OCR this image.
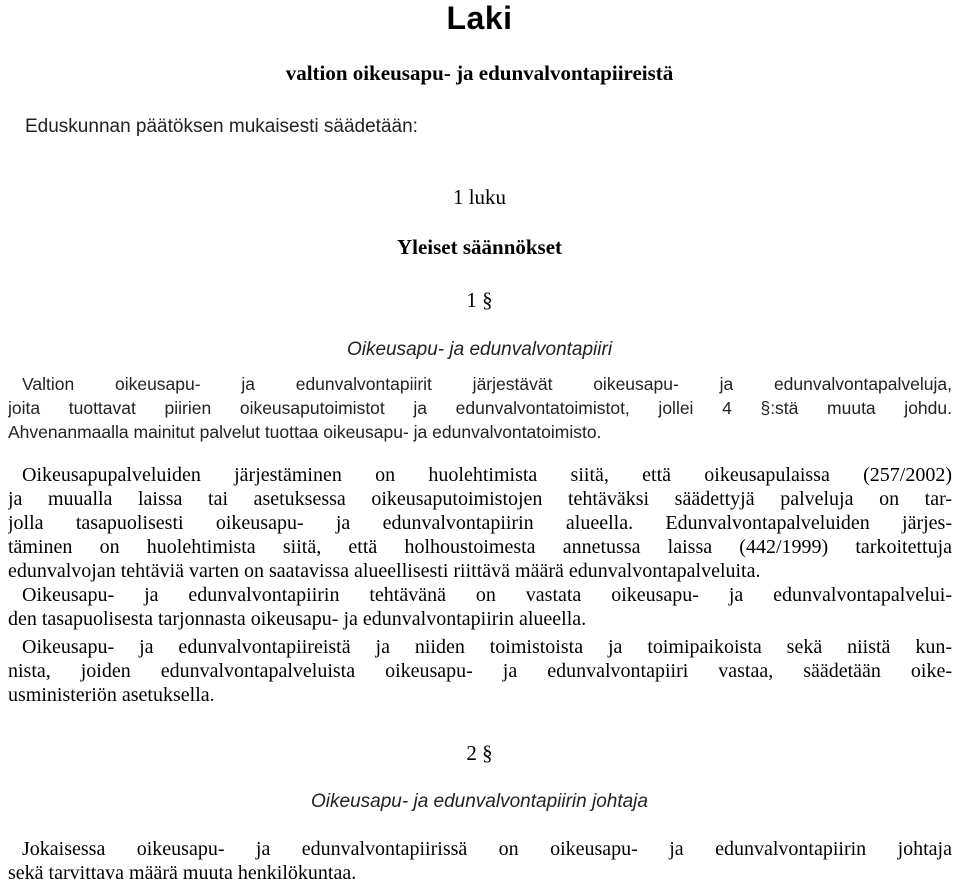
Laki
valtion oikeusapu- ja edunvalvontapiireistä
Eduskunnan päätöksen mukaisesti säädetään:
1 luku
Yleiset säännökset
1 §
Oikeusapu- ja edunvalvontapiiri
Valtion oikeusapu- ja edunvalvontapiirit järjestävät oikeusapu- ja edunvalvontapalveluja,
joita tuottavat piirien oikeusaputoimistot ja edunvalvontatoimistot, jollei 4 §:stä muuta johdu.
Ahvenanmaalla mainitut palvelut tuottaa oikeusapu- ja edunvalvontatoimisto.
Oikeusapupalveluiden järjestäminen on huolehtimista siitä, että oikeusapulaissa (257/2002)
ja muualla laissa tai asetuksessa oikeusaputoimistojen tehtäväksi säädettyjä palveluja on tar-
jolla tasapuolisesti oikeusapu- ja edunvalvontapiirin alueella. Edunvalvontapalveluiden järjes-
täminen on huolehtimista siitä, että holhoustoimesta annetussa laissa (442/1999) tarkoitettuja
edunvalvojan tehtäviä varten on saatavissa alueellisesti riittävä määrä edunvalvontapalveluita.
Oikeusapu- ja edunvalvontapiirin tehtävänä on vastata oikeusapu- ja edunvalvontapalvelui-
den tasapuolisesta tarjonnasta oikeusapu- ja edunvalvontapiirin alueella.
Oikeusapu- ja edunvalvontapiireistä ja niiden toimistoista ja toimipaikoista sekä niistä kun-
nista, joiden edunvalvontapalveluista oikeusapu- ja edunvalvontapiiri vastaa, säädetään oike-
usministeriön asetuksella.
2 §
Oikeusapu- ja edunvalvontapiirin johtaja
Jokaisessa oikeusapu- ja edunvalvontapiirissä on oikeusapu- ja edunvalvontapiirin johtaja
sekä tarvittava määrä muuta henkilökuntaa.
